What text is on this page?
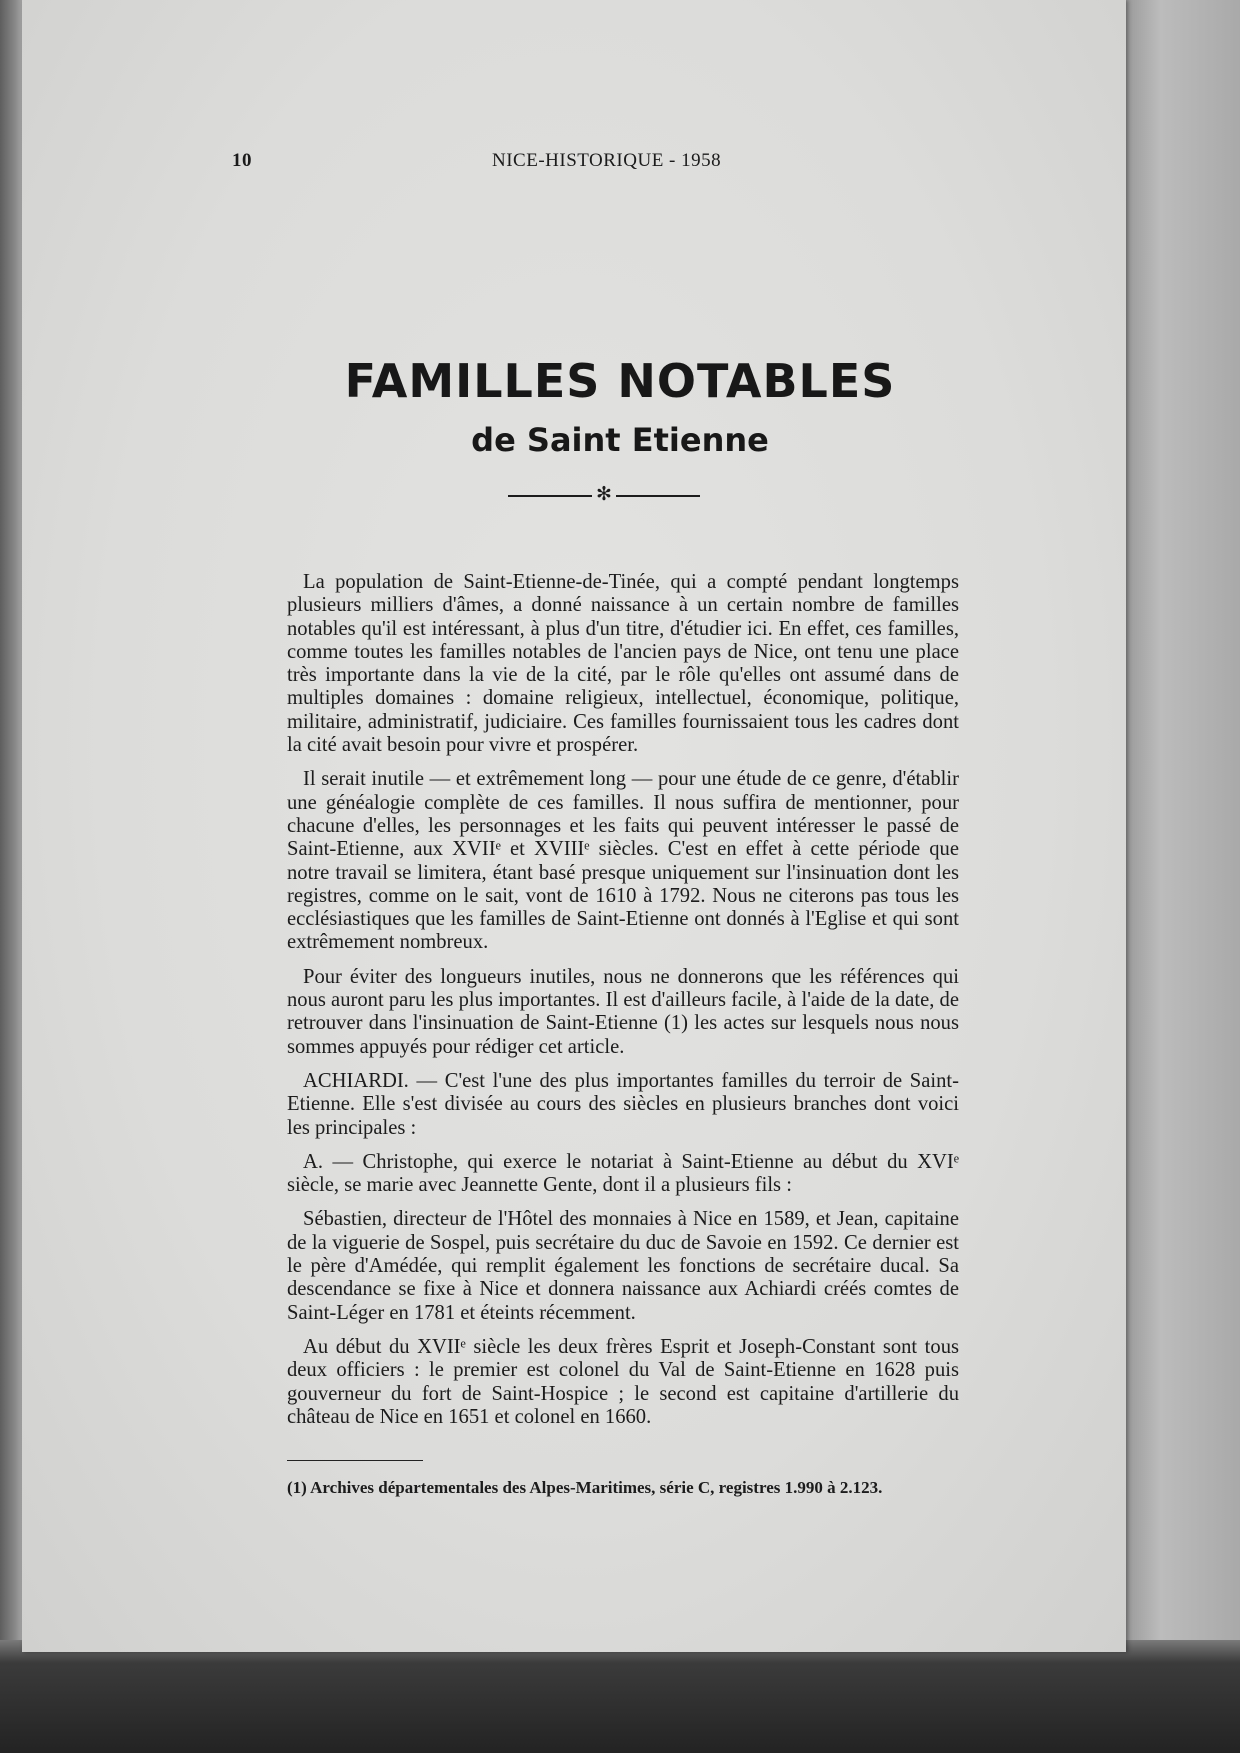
10	NICE-HISTORIQUE - 1958
FAMILLES NOTABLES
de Saint Etienne
✻

La population de Saint-Etienne-de-Tinée, qui a compté pendant longtemps plusieurs milliers d'âmes, a donné naissance à un certain nombre de familles notables qu'il est intéressant, à plus d'un titre, d'étudier ici. En effet, ces familles, comme toutes les familles notables de l'ancien pays de Nice, ont tenu une place très importante dans la vie de la cité, par le rôle qu'elles ont assumé dans de multiples domaines : domaine religieux, intellectuel, économique, politique, militaire, administratif, judiciaire. Ces familles fournissaient tous les cadres dont la cité avait besoin pour vivre et prospérer.

Il serait inutile — et extrêmement long — pour une étude de ce genre, d'établir une généalogie complète de ces familles. Il nous suffira de mentionner, pour chacune d'elles, les personnages et les faits qui peuvent intéresser le passé de Saint-Etienne, aux XVIIᵉ et XVIIIᵉ siècles. C'est en effet à cette période que notre travail se limitera, étant basé presque uniquement sur l'insinuation dont les registres, comme on le sait, vont de 1610 à 1792. Nous ne citerons pas tous les ecclésiastiques que les familles de Saint-Etienne ont donnés à l'Eglise et qui sont extrêmement nombreux.

Pour éviter des longueurs inutiles, nous ne donnerons que les références qui nous auront paru les plus importantes. Il est d'ailleurs facile, à l'aide de la date, de retrouver dans l'insinuation de Saint-Etienne (1) les actes sur lesquels nous nous sommes appuyés pour rédiger cet article.

ACHIARDI. — C'est l'une des plus importantes familles du terroir de Saint-Etienne. Elle s'est divisée au cours des siècles en plusieurs branches dont voici les principales :

A. — Christophe, qui exerce le notariat à Saint-Etienne au début du XVIᵉ siècle, se marie avec Jeannette Gente, dont il a plusieurs fils :

Sébastien, directeur de l'Hôtel des monnaies à Nice en 1589, et Jean, capitaine de la viguerie de Sospel, puis secrétaire du duc de Savoie en 1592. Ce dernier est le père d'Amédée, qui remplit également les fonctions de secrétaire ducal. Sa descendance se fixe à Nice et donnera naissance aux Achiardi créés comtes de Saint-Léger en 1781 et éteints récemment.

Au début du XVIIᵉ siècle les deux frères Esprit et Joseph-Constant sont tous deux officiers : le premier est colonel du Val de Saint-Etienne en 1628 puis gouverneur du fort de Saint-Hospice ; le second est capitaine d'artillerie du château de Nice en 1651 et colonel en 1660.

(1) Archives départementales des Alpes-Maritimes, série C, registres 1.990 à 2.123.
